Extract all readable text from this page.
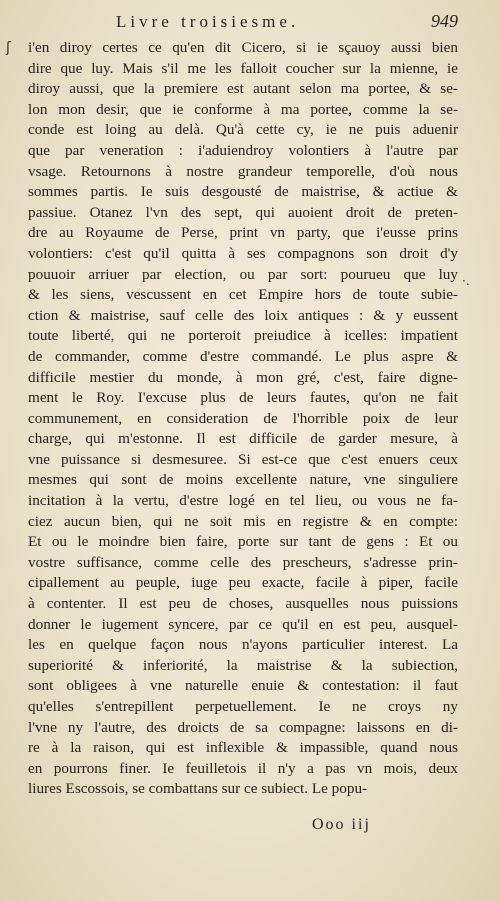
Livre troisiesme.	949
ʃ
·.
i'en diroy certes ce qu'en dit Cicero, si ie sçauoy aussi bien
dire que luy. Mais s'il me les falloit coucher sur la mienne, ie
diroy aussi, que la premiere est autant selon ma portee, & se-
lon mon desir, que ie conforme à ma portee, comme la se-
conde est loing au delà. Qu'à cette cy, ie ne puis aduenir
que par veneration : i'aduiendroy volontiers à l'autre par
vsage. Retournons à nostre grandeur temporelle, d'où nous
sommes partis. Ie suis desgousté de maistrise, & actiue &
passiue. Otanez l'vn des sept, qui auoient droit de preten-
dre au Royaume de Perse, print vn party, que i'eusse prins
volontiers: c'est qu'il quitta à ses compagnons son droit d'y
pouuoir arriuer par election, ou par sort: pourueu que luy
& les siens, vescussent en cet Empire hors de toute subie-
ction & maistrise, sauf celle des loix antiques : & y eussent
toute liberté, qui ne porteroit preiudice à icelles: impatient
de commander, comme d'estre commandé. Le plus aspre &
difficile mestier du monde, à mon gré, c'est, faire digne-
ment le Roy. I'excuse plus de leurs fautes, qu'on ne fait
communement, en consideration de l'horrible poix de leur
charge, qui m'estonne. Il est difficile de garder mesure, à
vne puissance si desmesuree. Si est-ce que c'est enuers ceux
mesmes qui sont de moins excellente nature, vne singuliere
incitation à la vertu, d'estre logé en tel lieu, ou vous ne fa-
ciez aucun bien, qui ne soit mis en registre & en compte:
Et ou le moindre bien faire, porte sur tant de gens : Et ou
vostre suffisance, comme celle des prescheurs, s'adresse prin-
cipallement au peuple, iuge peu exacte, facile à piper, facile
à contenter. Il est peu de choses, ausquelles nous puissions
donner le iugement syncere, par ce qu'il en est peu, ausquel-
les en quelque façon nous n'ayons particulier interest. La
superiorité & inferiorité, la maistrise & la subiection,
sont obligees à vne naturelle enuie & contestation: il faut
qu'elles s'entrepillent perpetuellement. Ie ne croys ny
l'vne ny l'autre, des droicts de sa compagne: laissons en di-
re à la raison, qui est inflexible & impassible, quand nous
en pourrons finer. Ie feuilletois il n'y a pas vn mois, deux
liures Escossois, se combattans sur ce subiect. Le popu-
Ooo iij
